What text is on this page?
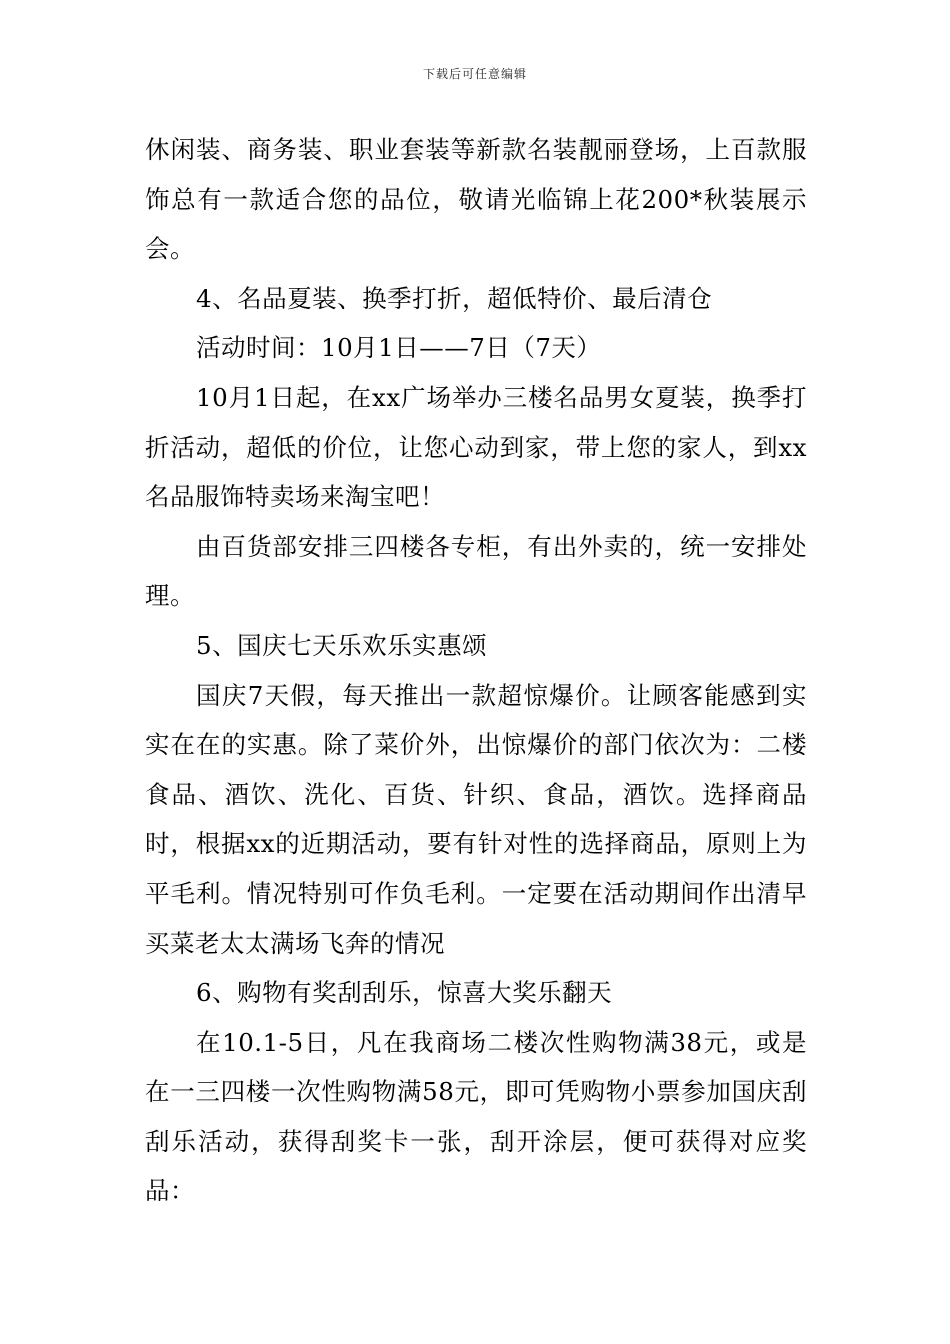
下载后可任意编辑

休闲装、商务装、职业套装等新款名装靓丽登场，上百款服饰总有一款适合您的品位，敬请光临锦上花200*秋装展示会。

4、名品夏装、换季打折，超低特价、最后清仓

活动时间：10月1日——7日（7天）

10月1日起，在xx广场举办三楼名品男女夏装，换季打折活动，超低的价位，让您心动到家，带上您的家人，到xx名品服饰特卖场来淘宝吧！

由百货部安排三四楼各专柜，有出外卖的，统一安排处理。

5、国庆七天乐欢乐实惠颂

国庆7天假，每天推出一款超惊爆价。让顾客能感到实实在在的实惠。除了菜价外，出惊爆价的部门依次为：二楼食品、酒饮、洗化、百货、针织、食品，酒饮。选择商品时，根据xx的近期活动，要有针对性的选择商品，原则上为平毛利。情况特别可作负毛利。一定要在活动期间作出清早买菜老太太满场飞奔的情况

6、购物有奖刮刮乐，惊喜大奖乐翻天

在10.1-5日，凡在我商场二楼次性购物满38元，或是在一三四楼一次性购物满58元，即可凭购物小票参加国庆刮刮乐活动，获得刮奖卡一张，刮开涂层，便可获得对应奖品：
